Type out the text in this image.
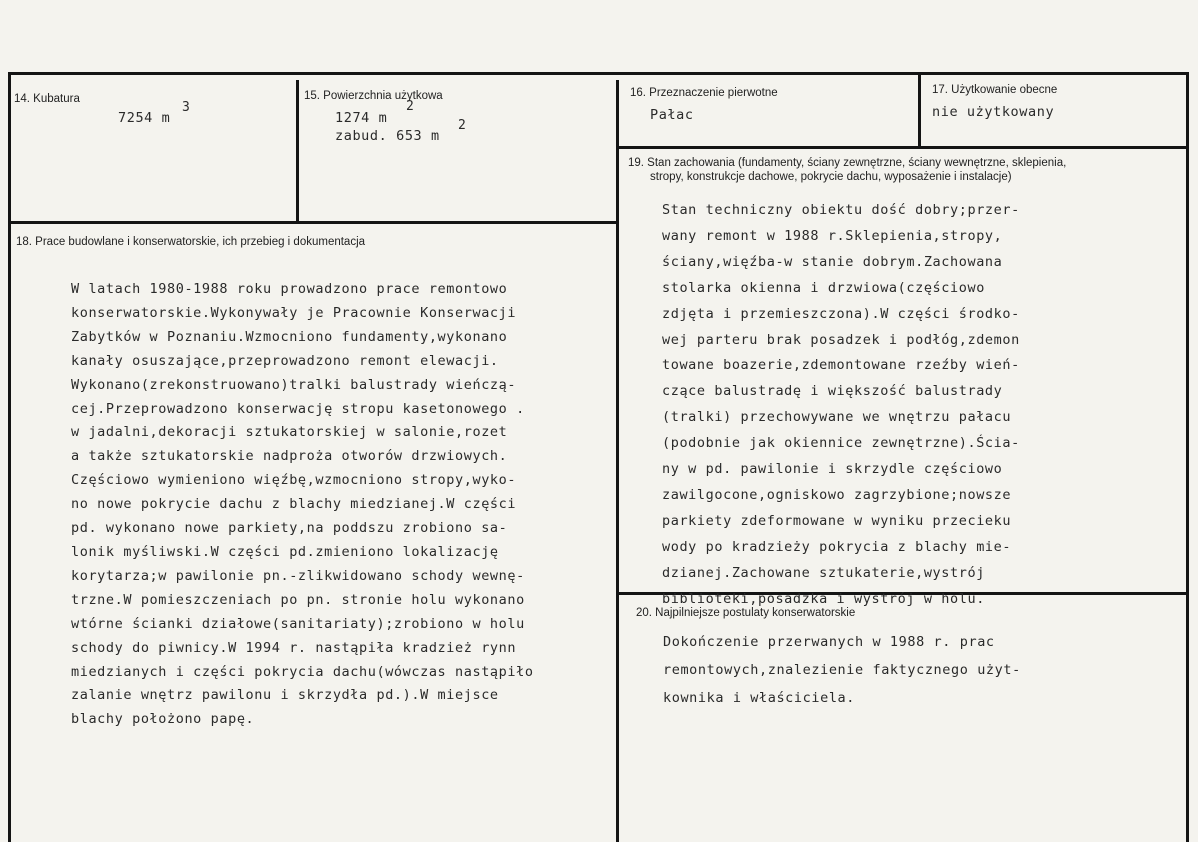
14. Kubatura
7254 m
3
15. Powierzchnia użytkowa
1274 m
2
zabud. 653 m
2
16. Przeznaczenie pierwotne
Pałac
17. Użytkowanie obecne
nie użytkowany
18. Prace budowlane i konserwatorskie, ich przebieg i dokumentacja
W latach 1980-1988 roku prowadzono prace remontowo
konserwatorskie.Wykonywały je Pracownie Konserwacji
Zabytków w Poznaniu.Wzmocniono fundamenty,wykonano
kanały osuszające,przeprowadzono remont elewacji.
Wykonano(zrekonstruowano)tralki balustrady wieńczą-
cej.Przeprowadzono konserwację stropu kasetonowego .
w jadalni,dekoracji sztukatorskiej w salonie,rozet
a także sztukatorskie nadproża otworów drzwiowych.
Częściowo wymieniono więźbę,wzmocniono stropy,wyko-
no nowe pokrycie dachu z blachy miedzianej.W części
pd. wykonano nowe parkiety,na poddszu zrobiono sa-
lonik myśliwski.W części pd.zmieniono lokalizację
korytarza;w pawilonie pn.-zlikwidowano schody wewnę-
trzne.W pomieszczeniach po pn. stronie holu wykonano
wtórne ścianki działowe(sanitariaty);zrobiono w holu
schody do piwnicy.W 1994 r. nastąpiła kradzież rynn
miedzianych i części pokrycia dachu(wówczas nastąpiło
zalanie wnętrz pawilonu i skrzydła pd.).W miejsce
blachy położono papę.
19. Stan zachowania (fundamenty, ściany zewnętrzne, ściany wewnętrzne, sklepienia,
stropy, konstrukcje dachowe, pokrycie dachu, wyposażenie i instalacje)
Stan techniczny obiektu dość dobry;przer-
wany remont w 1988 r.Sklepienia,stropy,
ściany,więźba-w stanie dobrym.Zachowana
stolarka okienna i drzwiowa(częściowo
zdjęta i przemieszczona).W części środko-
wej parteru brak posadzek i podłóg,zdemon
towane boazerie,zdemontowane rzeźby wień-
czące balustradę i większość balustrady
(tralki) przechowywane we wnętrzu pałacu
(podobnie jak okiennice zewnętrzne).Ścia-
ny w pd. pawilonie i skrzydle częściowo
zawilgocone,ogniskowo zagrzybione;nowsze
parkiety zdeformowane w wyniku przecieku
wody po kradzieży pokrycia z blachy mie-
dzianej.Zachowane sztukaterie,wystrój
biblioteki,posadzka i wystrój w holu.
20. Najpilniejsze postulaty konserwatorskie
Dokończenie przerwanych w 1988 r. prac
remontowych,znalezienie faktycznego użyt-
kownika i właściciela.
